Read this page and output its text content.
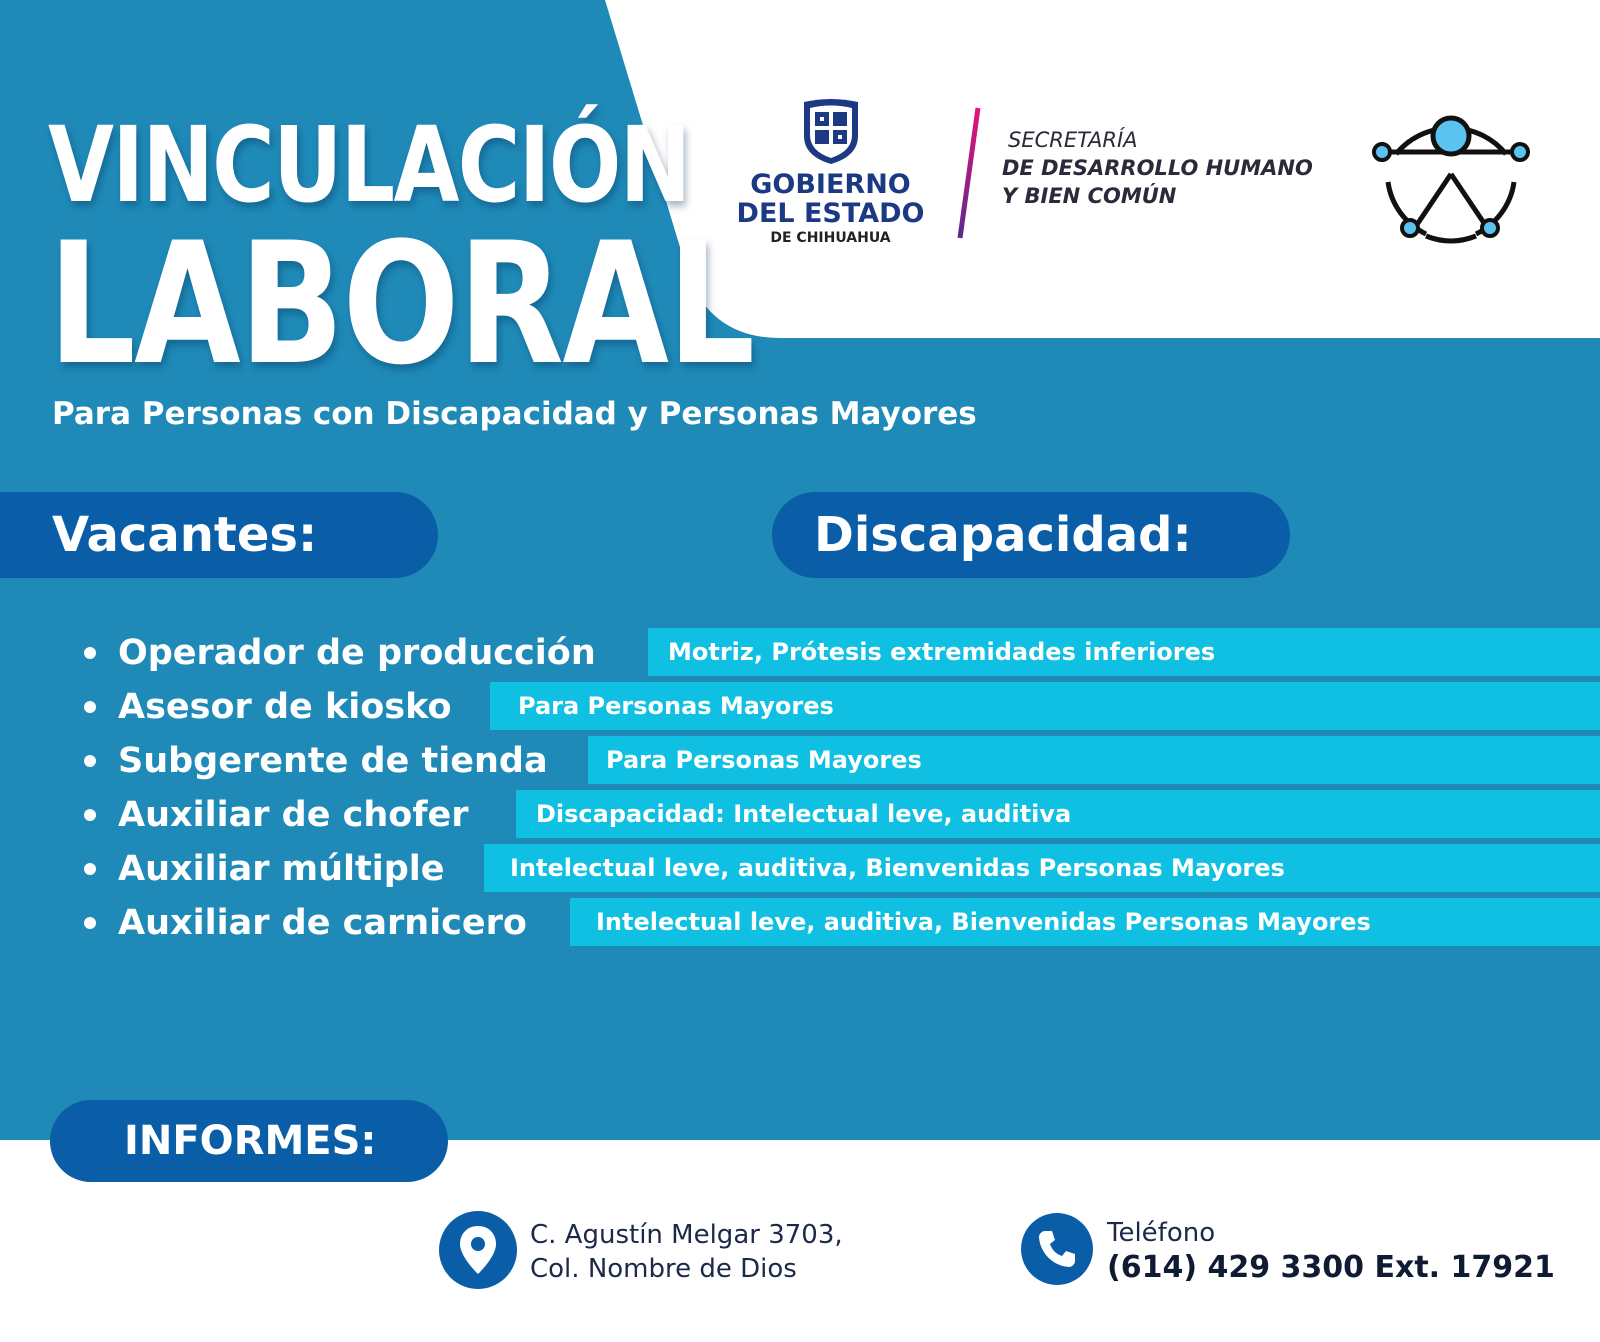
VINCULACIÓN
LABORAL

Para Personas con Discapacidad y Personas Mayores

GOBIERNO
DEL ESTADO
DE CHIHUAHUA
SECRETARÍA
DE DESARROLLO HUMANO
Y BIEN COMÚN
Vacantes:	Discapacidad:
Operador de producción	Motriz, Prótesis extremidades inferiores
Asesor de kiosko	Para Personas Mayores
Subgerente de tienda	Para Personas Mayores
Auxiliar de chofer	Discapacidad: Intelectual leve, auditiva
Auxiliar múltiple	Intelectual leve, auditiva, Bienvenidas Personas Mayores
Auxiliar de carnicero	Intelectual leve, auditiva, Bienvenidas Personas Mayores
INFORMES:
C. Agustín Melgar 3703,
Col. Nombre de Dios
Teléfono
(614) 429 3300 Ext. 17921
